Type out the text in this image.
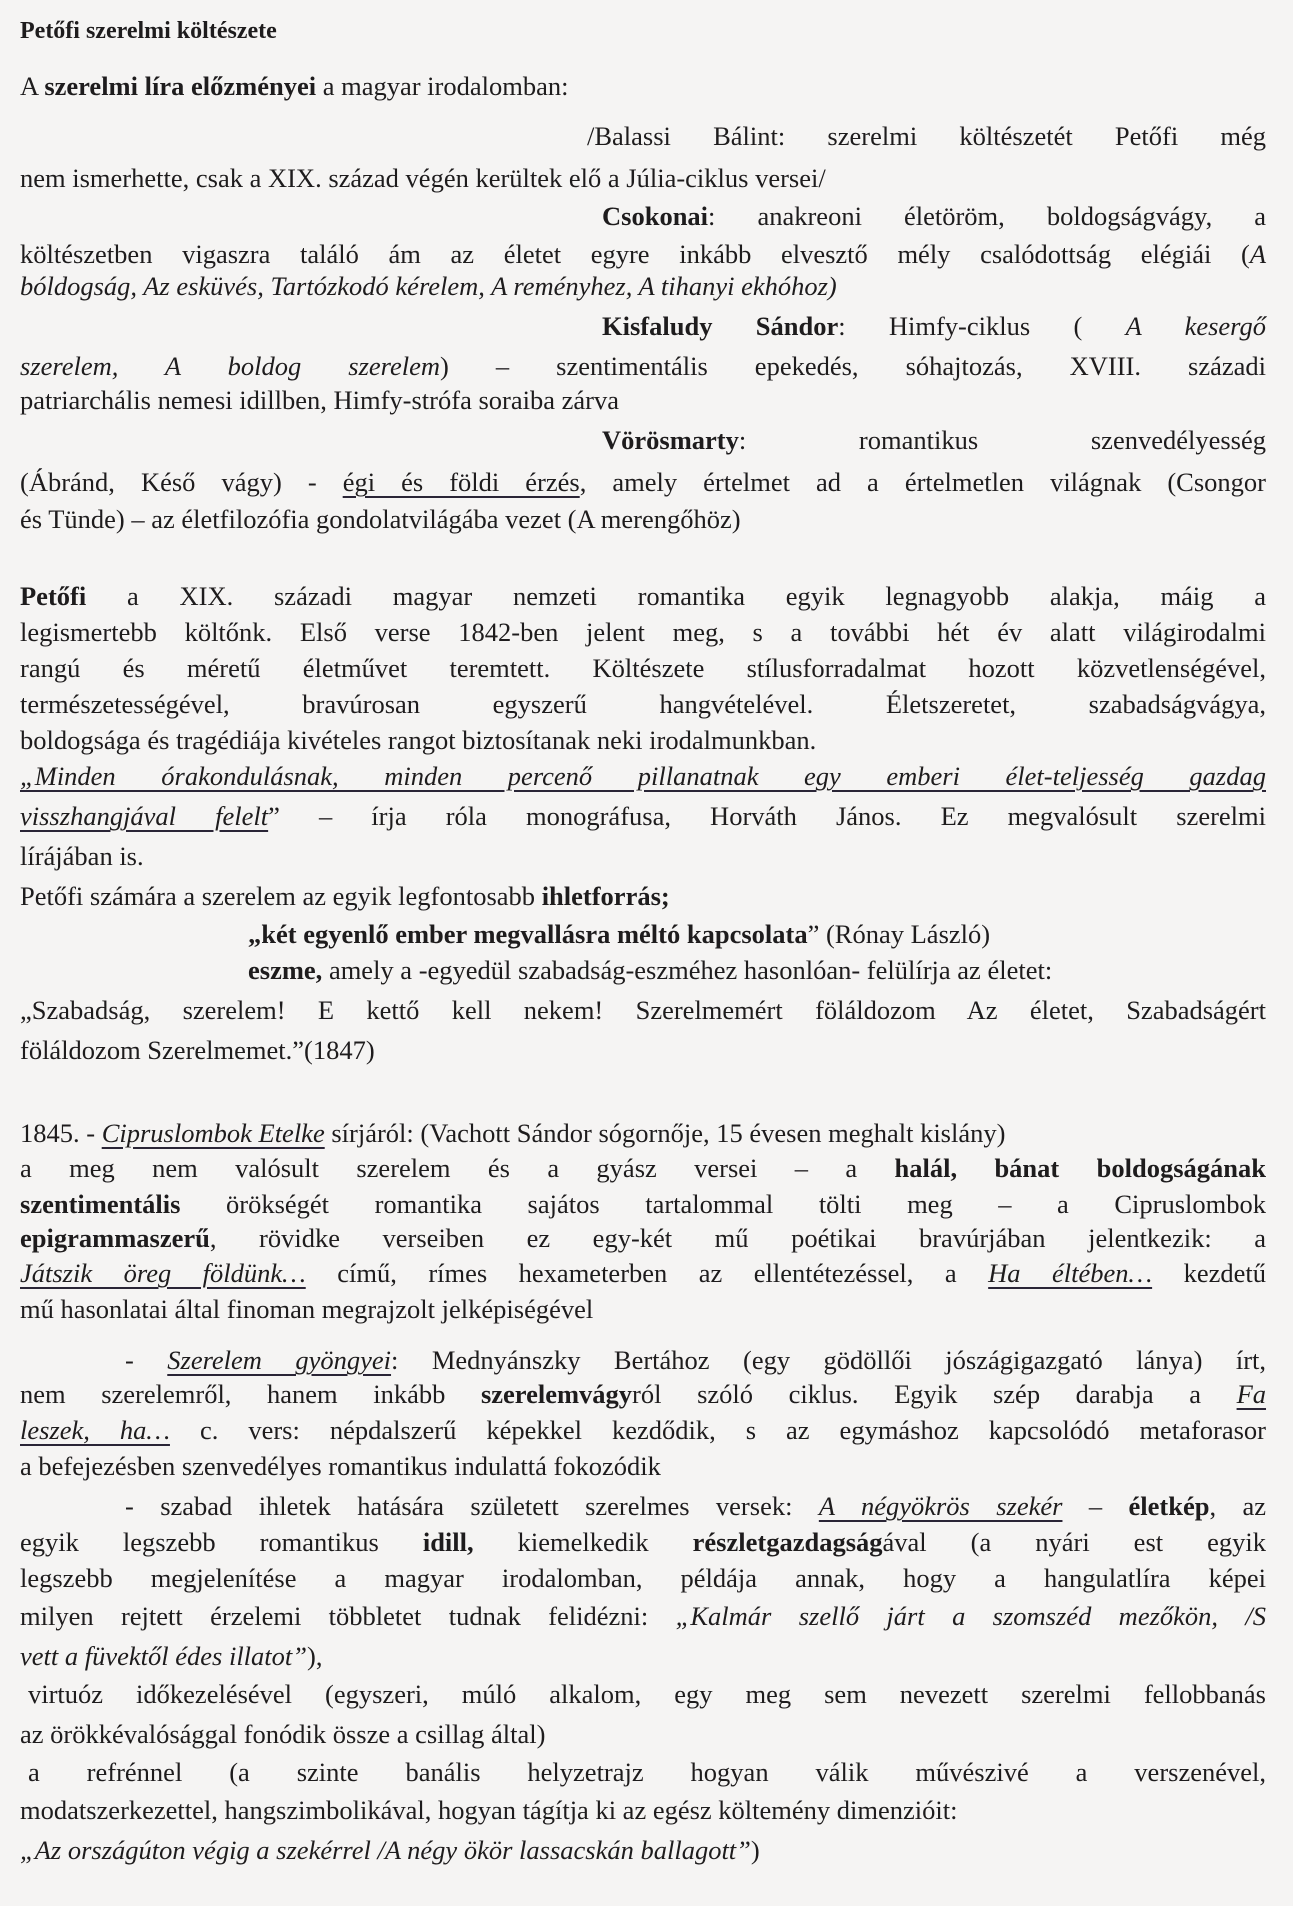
Petőfi szerelmi költészete
A szerelmi líra előzményei a magyar irodalomban:
/Balassi Bálint: szerelmi költészetét Petőfi még
nem ismerhette, csak a XIX. század végén kerültek elő a Júlia-ciklus versei/
Csokonai: anakreoni életöröm, boldogságvágy, a
költészetben vigaszra találó ám az életet egyre inkább elvesztő mély csalódottság elégiái (A
bóldogság, Az esküvés, Tartózkodó kérelem, A reményhez, A tihanyi ekhóhoz)
Kisfaludy Sándor: Himfy-ciklus ( A kesergő
szerelem, A boldog szerelem) – szentimentális epekedés, sóhajtozás, XVIII. századi
patriarchális nemesi idillben, Himfy-strófa soraiba zárva
Vörösmarty: romantikus szenvedélyesség
(Ábránd, Késő vágy) - égi és földi érzés, amely értelmet ad a értelmetlen világnak (Csongor
és Tünde) – az életfilozófia gondolatvilágába vezet (A merengőhöz)
Petőfi a XIX. századi magyar nemzeti romantika egyik legnagyobb alakja, máig a
legismertebb költőnk. Első verse 1842-ben jelent meg, s a további hét év alatt világirodalmi
rangú és méretű életművet teremtett. Költészete stílusforradalmat hozott közvetlenségével,
természetességével, bravúrosan egyszerű hangvételével. Életszeretet, szabadságvágya,
boldogsága és tragédiája kivételes rangot biztosítanak neki irodalmunkban.
„Minden órakondulásnak, minden percenő pillanatnak egy emberi élet-teljesség gazdag
visszhangjával felelt” – írja róla monográfusa, Horváth János. Ez megvalósult szerelmi
lírájában is.
Petőfi számára a szerelem az egyik legfontosabb ihletforrás;
„két egyenlő ember megvallásra méltó kapcsolata” (Rónay László)
eszme, amely a -egyedül szabadság-eszméhez hasonlóan- felülírja az életet:
„Szabadság, szerelem! E kettő kell nekem! Szerelmemért föláldozom Az életet, Szabadságért
föláldozom Szerelmemet.”(1847)
1845. - Cipruslombok Etelke sírjáról: (Vachott Sándor sógornője, 15 évesen meghalt kislány)
a meg nem valósult szerelem és a gyász versei – a halál, bánat boldogságának
szentimentális örökségét romantika sajátos tartalommal tölti meg – a Cipruslombok
epigrammaszerű, rövidke verseiben ez egy-két mű poétikai bravúrjában jelentkezik: a
Játszik öreg földünk… című, rímes hexameterben az ellentétezéssel, a Ha éltében… kezdetű
mű hasonlatai által finoman megrajzolt jelképiségével
- Szerelem gyöngyei: Mednyánszky Bertához (egy gödöllői jószágigazgató lánya) írt,
nem szerelemről, hanem inkább szerelemvágyról szóló ciklus. Egyik szép darabja a Fa
leszek, ha… c. vers: népdalszerű képekkel kezdődik, s az egymáshoz kapcsolódó metaforasor
a befejezésben szenvedélyes romantikus indulattá fokozódik
- szabad ihletek hatására született szerelmes versek: A négyökrös szekér – életkép, az
egyik legszebb romantikus idill, kiemelkedik részletgazdagságával (a nyári est egyik
legszebb megjelenítése a magyar irodalomban, példája annak, hogy a hangulatlíra képei
milyen rejtett érzelemi többletet tudnak felidézni: „Kalmár szellő járt a szomszéd mezőkön, /S
vett a füvektől édes illatot”),
virtuóz időkezelésével (egyszeri, múló alkalom, egy meg sem nevezett szerelmi fellobbanás
az örökkévalósággal fonódik össze a csillag által)
a refrénnel (a szinte banális helyzetrajz hogyan válik művészivé a verszenével,
modatszerkezettel, hangszimbolikával, hogyan tágítja ki az egész költemény dimenzióit:
„Az országúton végig a szekérrel /A négy ökör lassacskán ballagott”)
